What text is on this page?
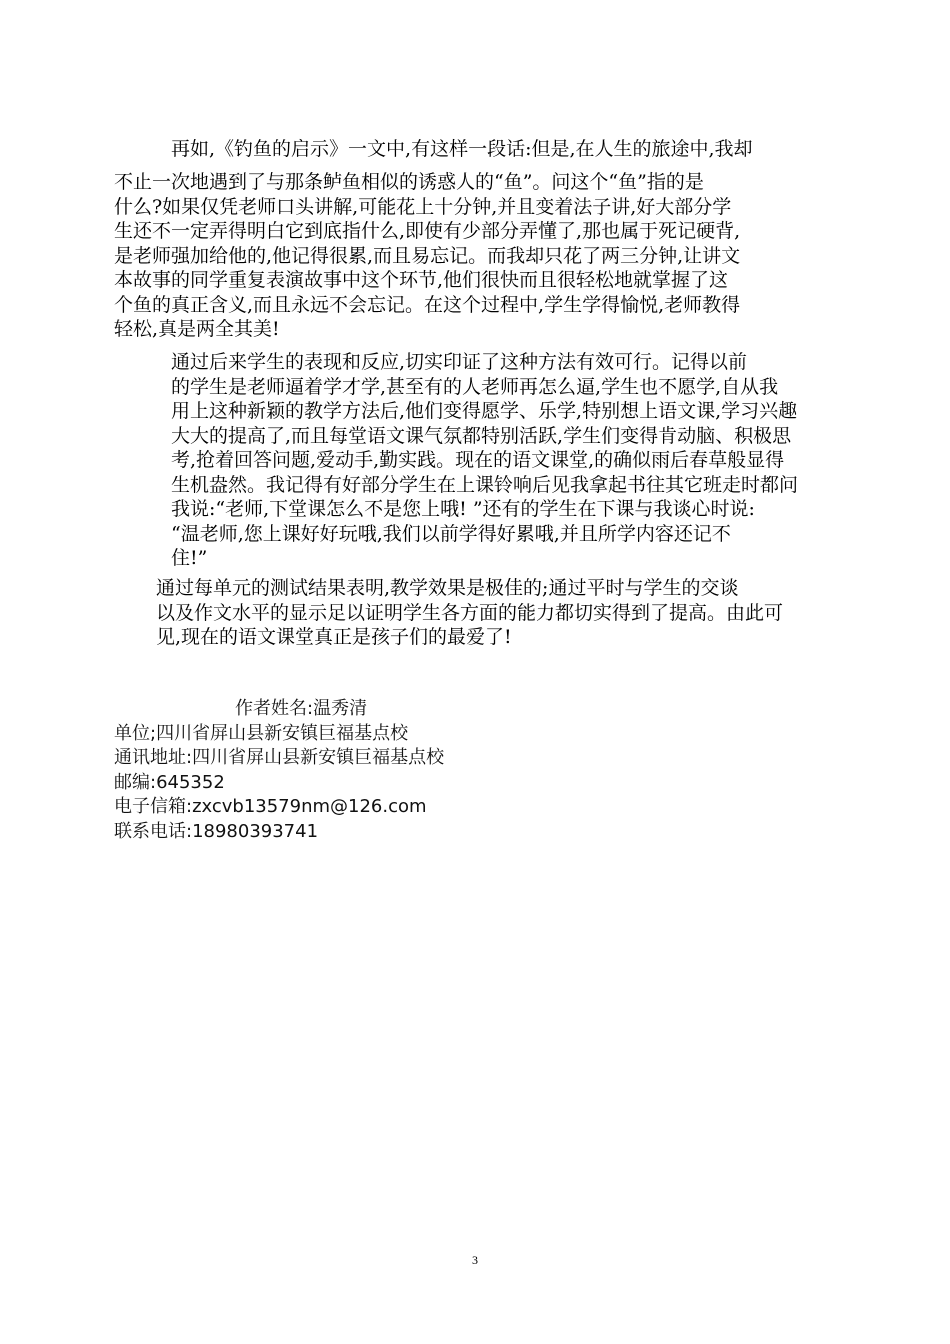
再如,《钓鱼的启示》一文中,有这样一段话:但是,在人生的旅途中,我却

不止一次地遇到了与那条鲈鱼相似的诱惑人的“鱼”。问这个“鱼”指的是
什么?如果仅凭老师口头讲解,可能花上十分钟,并且变着法子讲,好大部分学
生还不一定弄得明白它到底指什么,即使有少部分弄懂了,那也属于死记硬背,
是老师强加给他的,他记得很累,而且易忘记。而我却只花了两三分钟,让讲文
本故事的同学重复表演故事中这个环节,他们很快而且很轻松地就掌握了这
个鱼的真正含义,而且永远不会忘记。在这个过程中,学生学得愉悦,老师教得
轻松,真是两全其美!

通过后来学生的表现和反应,切实印证了这种方法有效可行。记得以前
的学生是老师逼着学才学,甚至有的人老师再怎么逼,学生也不愿学,自从我
用上这种新颖的教学方法后,他们变得愿学、乐学,特别想上语文课,学习兴趣
大大的提高了,而且每堂语文课气氛都特别活跃,学生们变得肯动脑、积极思
考,抢着回答问题,爱动手,勤实践。现在的语文课堂,的确似雨后春草般显得
生机盎然。我记得有好部分学生在上课铃响后见我拿起书往其它班走时都问
我说:“老师,下堂课怎么不是您上哦! ”还有的学生在下课与我谈心时说:
“温老师,您上课好好玩哦,我们以前学得好累哦,并且所学内容还记不
住!”

通过每单元的测试结果表明,教学效果是极佳的;通过平时与学生的交谈
以及作文水平的显示足以证明学生各方面的能力都切实得到了提高。由此可
见,现在的语文课堂真正是孩子们的最爱了!

作者姓名:温秀清
单位;四川省屏山县新安镇巨福基点校
通讯地址:四川省屏山县新安镇巨福基点校
邮编:645352
电子信箱:zxcvb13579nm@126.com
联系电话:18980393741
3
